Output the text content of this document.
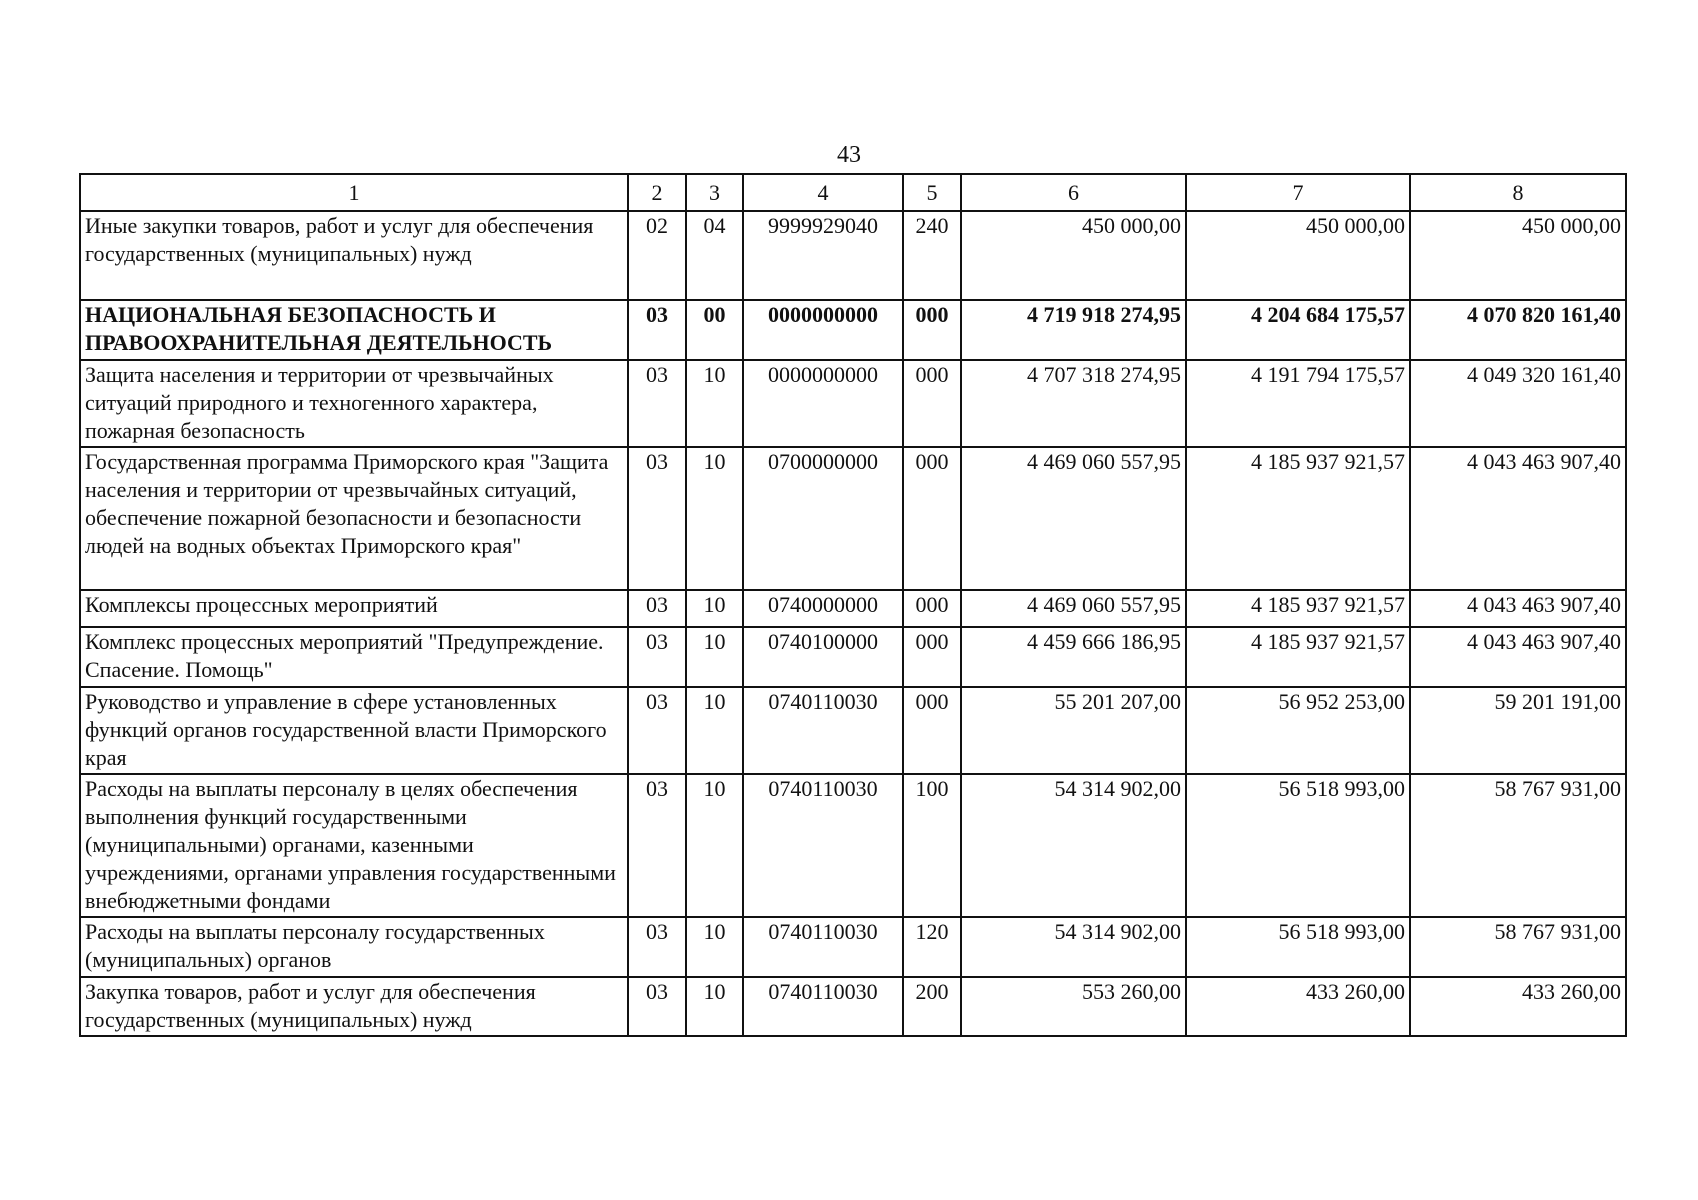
43
1	2	3	4	5	6	7	8
Иные закупки товаров, работ и услуг для обеспечения государственных (муниципальных) нужд	02	04	9999929040	240	450 000,00	450 000,00	450 000,00
НАЦИОНАЛЬНАЯ БЕЗОПАСНОСТЬ И ПРАВООХРАНИТЕЛЬНАЯ ДЕЯТЕЛЬНОСТЬ	03	00	0000000000	000	4 719 918 274,95	4 204 684 175,57	4 070 820 161,40
Защита населения и территории от чрезвычайных ситуаций природного и техногенного характера, пожарная безопасность	03	10	0000000000	000	4 707 318 274,95	4 191 794 175,57	4 049 320 161,40
Государственная программа Приморского края "Защита населения и территории от чрезвычайных ситуаций, обеспечение пожарной безопасности и безопасности людей на водных объектах Приморского края"	03	10	0700000000	000	4 469 060 557,95	4 185 937 921,57	4 043 463 907,40
Комплексы процессных мероприятий	03	10	0740000000	000	4 469 060 557,95	4 185 937 921,57	4 043 463 907,40
Комплекс процессных мероприятий "Предупреждение. Спасение. Помощь"	03	10	0740100000	000	4 459 666 186,95	4 185 937 921,57	4 043 463 907,40
Руководство и управление в сфере установленных функций органов государственной власти Приморского края	03	10	0740110030	000	55 201 207,00	56 952 253,00	59 201 191,00
Расходы на выплаты персоналу в целях обеспечения выполнения функций государственными (муниципальными) органами, казенными учреждениями, органами управления государственными внебюджетными фондами	03	10	0740110030	100	54 314 902,00	56 518 993,00	58 767 931,00
Расходы на выплаты персоналу государственных (муниципальных) органов	03	10	0740110030	120	54 314 902,00	56 518 993,00	58 767 931,00
Закупка товаров, работ и услуг для обеспечения государственных (муниципальных) нужд	03	10	0740110030	200	553 260,00	433 260,00	433 260,00
